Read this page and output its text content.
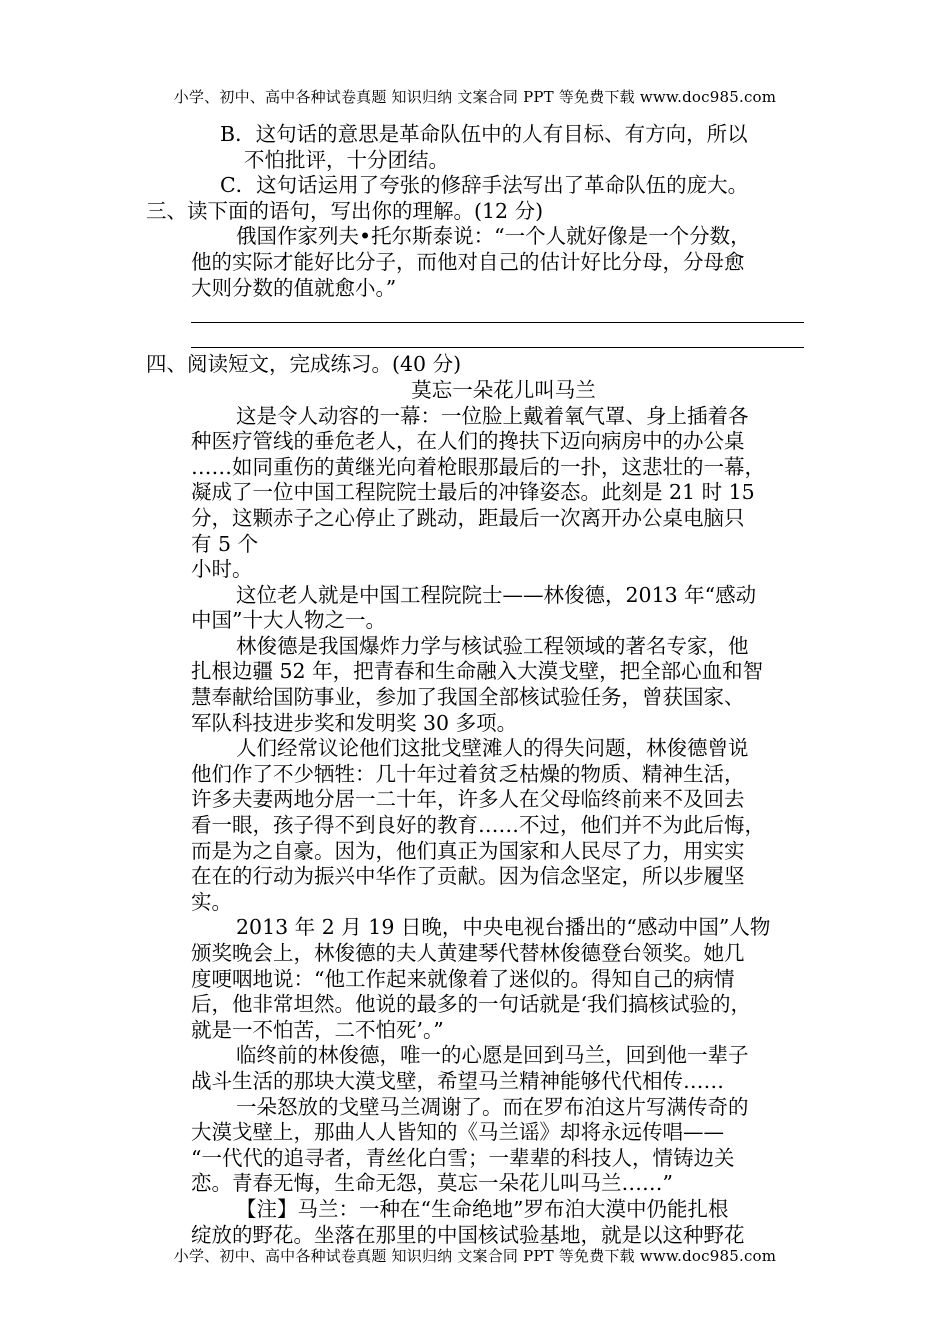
小学、初中、高中各种试卷真题 知识归纳 文案合同 PPT 等免费下载 www.doc985.com
B．这句话的意思是革命队伍中的人有目标、有方向，所以
不怕批评，十分团结。
C．这句话运用了夸张的修辞手法写出了革命队伍的庞大。
三、读下面的语句，写出你的理解。(12 分)
俄国作家列夫•托尔斯泰说：“一个人就好像是一个分数，
他的实际才能好比分子，而他对自己的估计好比分母，分母愈
大则分数的值就愈小。”
四、阅读短文，完成练习。(40 分)
莫忘一朵花儿叫马兰
这是令人动容的一幕：一位脸上戴着氧气罩、身上插着各
种医疗管线的垂危老人，在人们的搀扶下迈向病房中的办公桌
……如同重伤的黄继光向着枪眼那最后的一扑，这悲壮的一幕，
凝成了一位中国工程院院士最后的冲锋姿态。此刻是 21 时 15
分，这颗赤子之心停止了跳动，距最后一次离开办公桌电脑只
有 5 个
小时。
这位老人就是中国工程院院士——林俊德，2013 年“感动
中国”十大人物之一。
林俊德是我国爆炸力学与核试验工程领域的著名专家，他
扎根边疆 52 年，把青春和生命融入大漠戈壁，把全部心血和智
慧奉献给国防事业，参加了我国全部核试验任务，曾获国家、
军队科技进步奖和发明奖 30 多项。
人们经常议论他们这批戈壁滩人的得失问题，林俊德曾说
他们作了不少牺牲：几十年过着贫乏枯燥的物质、精神生活，
许多夫妻两地分居一二十年，许多人在父母临终前来不及回去
看一眼，孩子得不到良好的教育……不过，他们并不为此后悔，
而是为之自豪。因为，他们真正为国家和人民尽了力，用实实
在在的行动为振兴中华作了贡献。因为信念坚定，所以步履坚
实。
2013 年 2 月 19 日晚，中央电视台播出的“感动中国”人物
颁奖晚会上，林俊德的夫人黄建琴代替林俊德登台领奖。她几
度哽咽地说：“他工作起来就像着了迷似的。得知自己的病情
后，他非常坦然。他说的最多的一句话就是‘我们搞核试验的，
就是一不怕苦，二不怕死’。”
临终前的林俊德，唯一的心愿是回到马兰，回到他一辈子
战斗生活的那块大漠戈壁，希望马兰精神能够代代相传……
一朵怒放的戈壁马兰凋谢了。而在罗布泊这片写满传奇的
大漠戈壁上，那曲人人皆知的《马兰谣》却将永远传唱——
“一代代的追寻者，青丝化白雪；一辈辈的科技人，情铸边关
恋。青春无悔，生命无怨，莫忘一朵花儿叫马兰……”
【注】马兰：一种在“生命绝地”罗布泊大漠中仍能扎根
绽放的野花。坐落在那里的中国核试验基地，就是以这种野花
小学、初中、高中各种试卷真题 知识归纳 文案合同 PPT 等免费下载 www.doc985.com
